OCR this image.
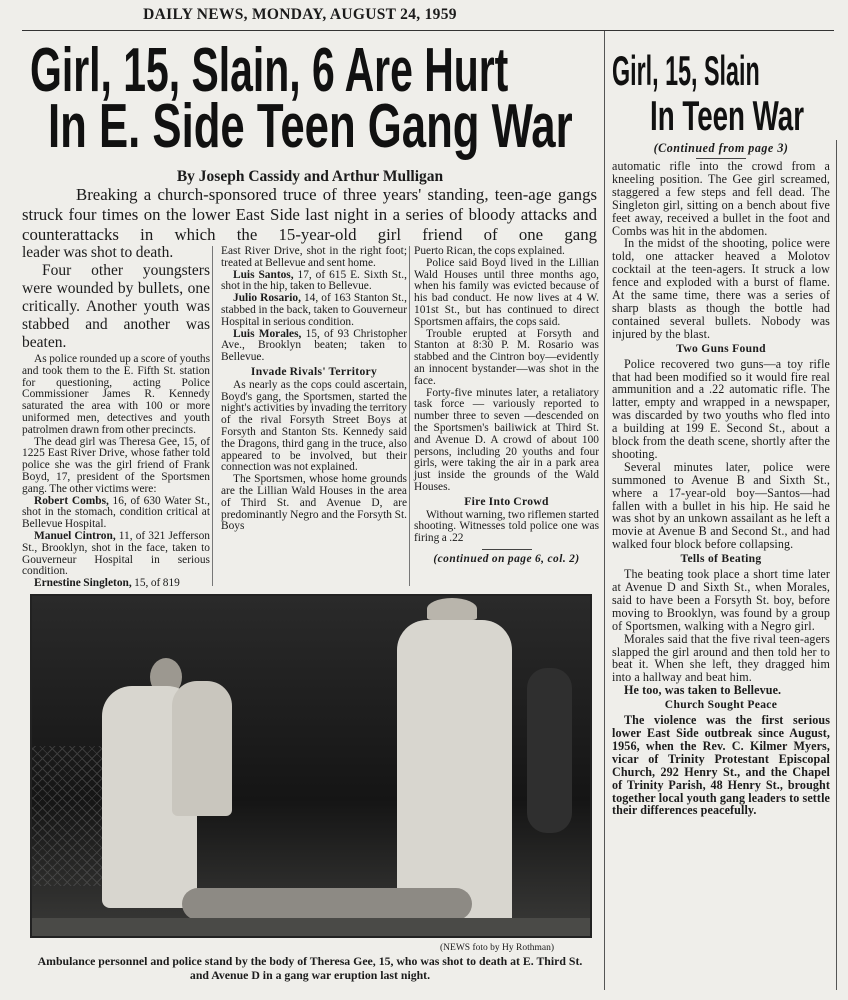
DAILY NEWS, MONDAY, AUGUST 24, 1959
Girl, 15, Slain, 6 Are Hurt
In E. Side Teen Gang War
Girl, 15, Slain
In Teen War
By Joseph Cassidy and Arthur Mulligan

Breaking a church-sponsored truce of three years' standing, teen-age gangs struck four times on the lower East Side last night in a series of bloody attacks and counterattacks in which the 15-year-old girl friend of one gang

leader was shot to death.

Four other youngsters were wounded by bullets, one critically. Another youth was stabbed and another was beaten.

As police rounded up a score of youths and took them to the E. Fifth St. station for questioning, acting Police Commissioner James R. Kennedy saturated the area with 100 or more uniformed men, detectives and youth patrolmen drawn from other precincts.

The dead girl was Theresa Gee, 15, of 1225 East River Drive, whose father told police she was the girl friend of Frank Boyd, 17, president of the Sportsmen gang. The other victims were:

Robert Combs, 16, of 630 Water St., shot in the stomach, condition critical at Bellevue Hospital.

Manuel Cintron, 11, of 321 Jefferson St., Brooklyn, shot in the face, taken to Gouverneur Hospital in serious condition.

Ernestine Singleton, 15, of 819

East River Drive, shot in the right foot; treated at Bellevue and sent home.

Luis Santos, 17, of 615 E. Sixth St., shot in the hip, taken to Bellevue.

Julio Rosario, 14, of 163 Stanton St., stabbed in the back, taken to Gouverneur Hospital in serious condition.

Luis Morales, 15, of 93 Christopher Ave., Brooklyn beaten; taken to Bellevue.

Invade Rivals' Territory

As nearly as the cops could ascertain, Boyd's gang, the Sportsmen, started the night's activities by invading the territory of the rival Forsyth Street Boys at Forsyth and Stanton Sts. Kennedy said the Dragons, third gang in the truce, also appeared to be involved, but their connection was not explained.

The Sportsmen, whose home grounds are the Lillian Wald Houses in the area of Third St. and Avenue D, are predominantly Negro and the Forsyth St. Boys

Puerto Rican, the cops explained.

Police said Boyd lived in the Lillian Wald Houses until three months ago, when his family was evicted because of his bad conduct. He now lives at 4 W. 101st St., but has continued to direct Sportsmen affairs, the cops said.

Trouble erupted at Forsyth and Stanton at 8:30 P. M. Rosario was stabbed and the Cintron boy—evidently an innocent bystander—was shot in the face.

Forty-five minutes later, a retaliatory task force — variously reported to number three to seven —descended on the Sportsmen's bailiwick at Third St. and Avenue D. A crowd of about 100 persons, including 20 youths and four girls, were taking the air in a park area just inside the grounds of the Wald Houses.

Fire Into Crowd

Without warning, two riflemen started shooting. Witnesses told police one was firing a .22

(continued on page 6, col. 2)
(Continued from page 3)

automatic rifle into the crowd from a kneeling position. The Gee girl screamed, staggered a few steps and fell dead. The Singleton girl, sitting on a bench about five feet away, received a bullet in the foot and Combs was hit in the abdomen.

In the midst of the shooting, police were told, one attacker heaved a Molotov cocktail at the teen-agers. It struck a low fence and exploded with a burst of flame. At the same time, there was a series of sharp blasts as though the bottle had contained several bullets. Nobody was injured by the blast.

Two Guns Found

Police recovered two guns—a toy rifle that had been modified so it would fire real ammunition and a .22 automatic rifle. The latter, empty and wrapped in a newspaper, was discarded by two youths who fled into a building at 199 E. Second St., about a block from the death scene, shortly after the shooting.

Several minutes later, police were summoned to Avenue B and Sixth St., where a 17-year-old boy—Santos—had fallen with a bullet in his hip. He said he was shot by an unkown assailant as he left a movie at Avenue B and Second St., and had walked four block before collapsing.

Tells of Beating

The beating took place a short time later at Avenue D and Sixth St., when Morales, said to have been a Forsyth St. boy, before moving to Brooklyn, was found by a group of Sportsmen, walking with a Negro girl.

Morales said that the five rival teen-agers slapped the girl around and then told her to beat it. When she left, they dragged him into a hallway and beat him.

He too, was taken to Bellevue.

Church Sought Peace

The violence was the first serious lower East Side outbreak since August, 1956, when the Rev. C. Kilmer Myers, vicar of Trinity Protestant Episcopal Church, 292 Henry St., and the Chapel of Trinity Parish, 48 Henry St., brought together local youth gang leaders to settle their differences peacefully.

(NEWS foto by Hy Rothman)
Ambulance personnel and police stand by the body of Theresa Gee, 15, who was shot to death at E. Third St. and Avenue D in a gang war eruption last night.
